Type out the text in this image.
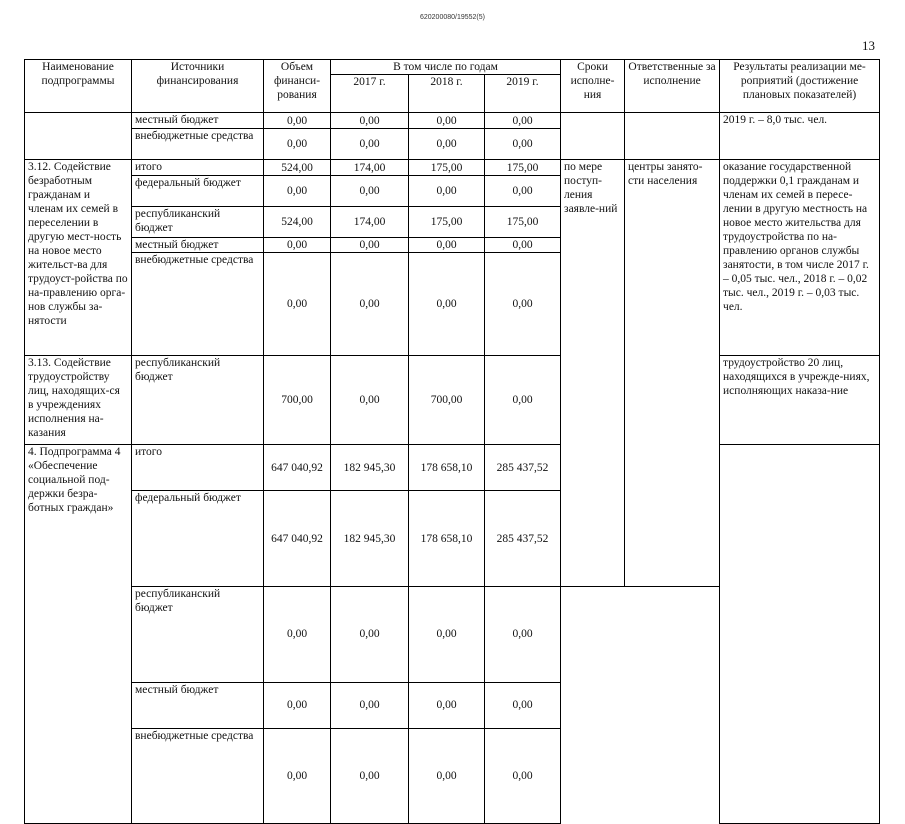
620200080/19552(5)
13
Наименование подпрограммы	Источники финансирования	Объем финанси-рования	В том числе по годам			Сроки исполне-ния	Ответственные за исполнение	Результаты реализации ме-роприятий (достижение плановых показателей)	
			2017 г.	2018 г.	2019 г.				
	местный бюджет	0,00	0,00	0,00	0,00			2019 г. – 8,0 тыс. чел.	
	внебюджетные средства	0,00	0,00	0,00	0,00				
3.12. Содействие безработным гражданам и членам их семей в переселении в другую мест-ность на новое место жительст-ва для трудоуст-ройства по на-правлению орга-нов службы за-нятости	итого	524,00	174,00	175,00	175,00	по мере поступ-ления заявле-ний	центры занято-сти населения	оказание государственной поддержки 0,1 гражданам и членам их семей в пересе-лении в другую местность на новое место жительства для трудоустройства по на-правлению органов службы занятости, в том числе 2017 г. – 0,05 тыс. чел., 2018 г. – 0,02 тыс. чел., 2019 г. – 0,03 тыс. чел.	
	федеральный бюджет	0,00	0,00	0,00	0,00				
	республиканский бюджет	524,00	174,00	175,00	175,00				
	местный бюджет	0,00	0,00	0,00	0,00				
	внебюджетные средства	0,00	0,00	0,00	0,00				
3.13. Содействие трудоустройству лиц, находящих-ся в учреждениях исполнения на-казания	республиканский бюджет	700,00	0,00	700,00	0,00			трудоустройство 20 лиц, находящихся в учрежде-ниях, исполняющих наказа-ние	
4. Подпрограмма 4 «Обеспечение социальной под-держки безра-ботных граждан»	итого	647 040,92	182 945,30	178 658,10	285 437,52			
	федеральный бюджет	647 040,92	182 945,30	178 658,10	285 437,52				
	республиканский бюджет	0,00	0,00	0,00	0,00				
	местный бюджет	0,00	0,00	0,00	0,00				
	внебюджетные средства	0,00	0,00	0,00	0,00				
